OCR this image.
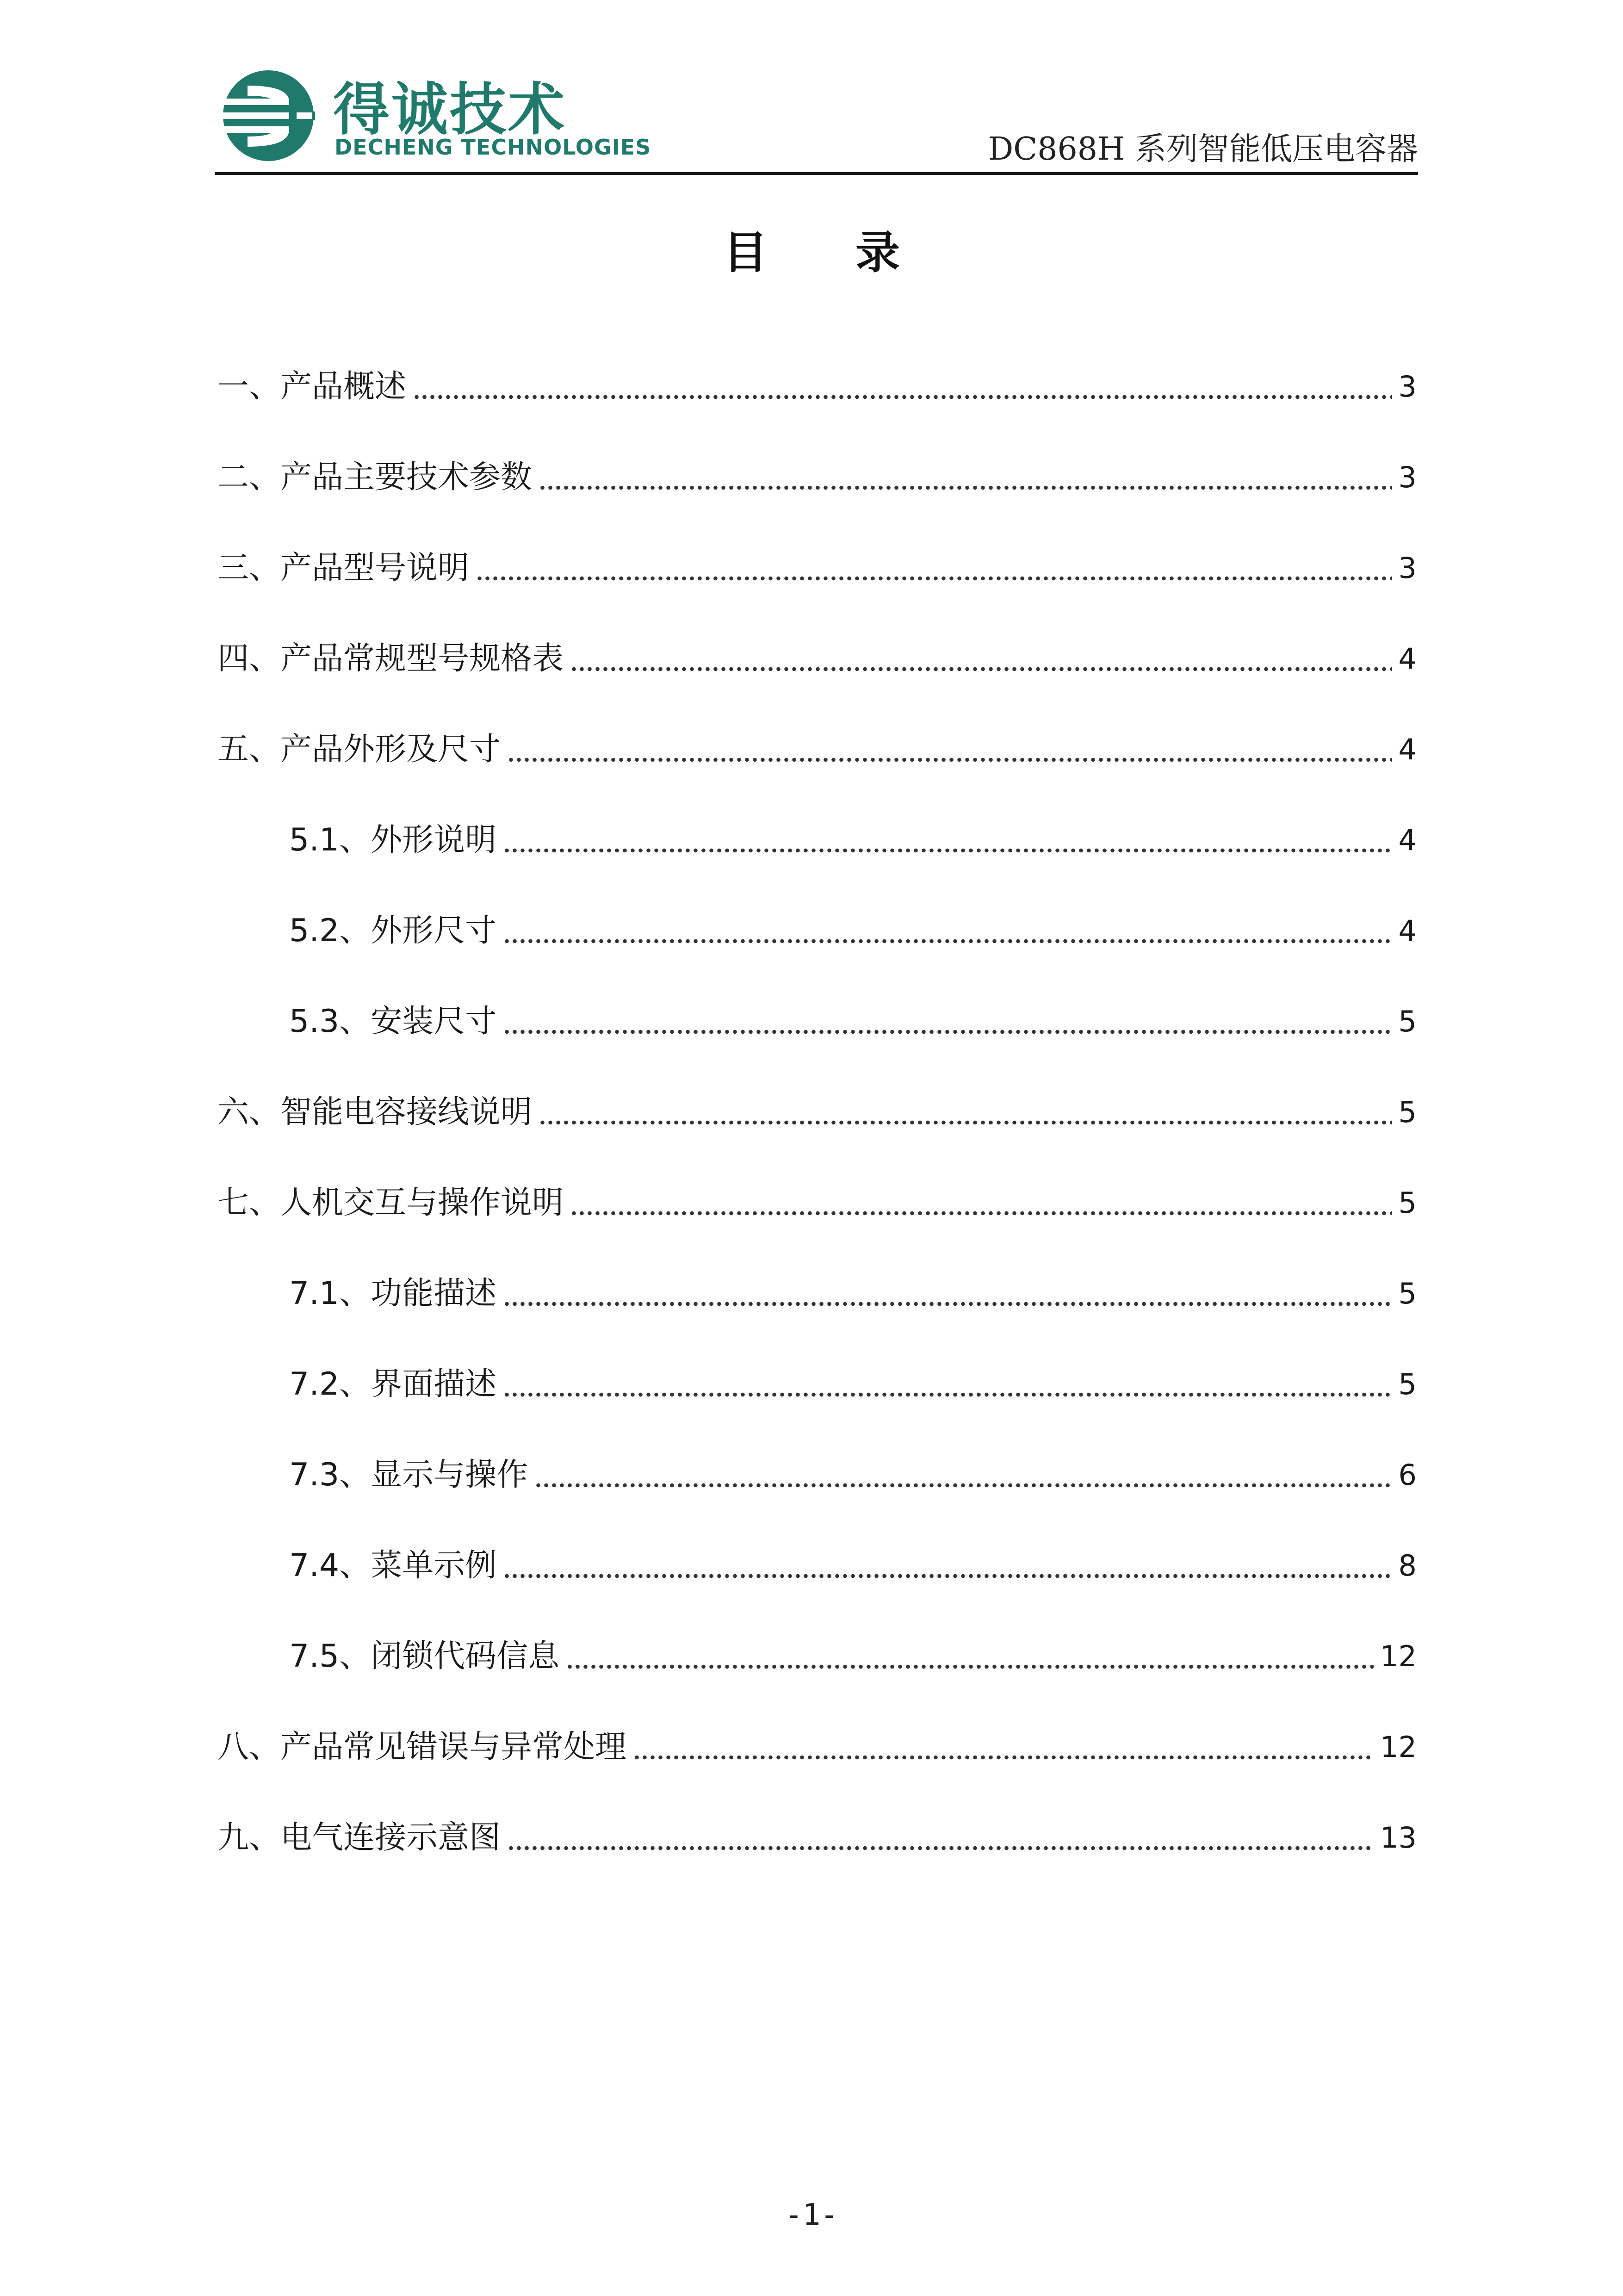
得诚技术
DECHENG TECHNOLOGIES	DC868H 系列智能低压电容器
目录
一、产品概述	3
二、产品主要技术参数	3
三、产品型号说明	3
四、产品常规型号规格表	4
五、产品外形及尺寸	4
5.1 、外形说明	4
5.2 、外形尺寸	4
5.3 、安装尺寸	5
六、智能电容接线说明	5
七、人机交互与操作说明	5
7.1 、功能描述	5
7.2 、界面描述	5
7.3 、显示与操作	6
7.4 、菜单示例	8
7.5 、闭锁代码信息	12
八、产品常见错误与异常处理	12
九、电气连接示意图	13
-1-
